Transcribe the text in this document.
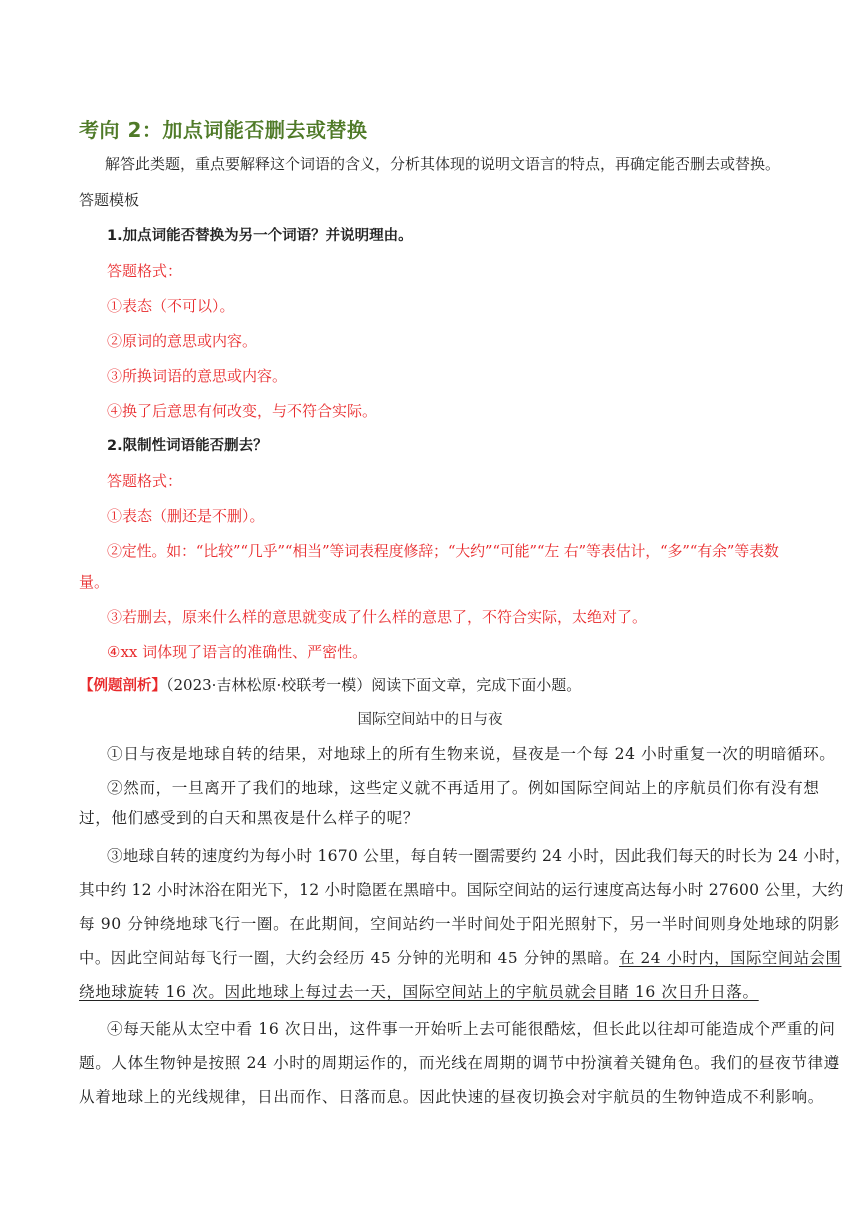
考向 2：加点词能否删去或替换
解答此类题，重点要解释这个词语的含义，分析其体现的说明文语言的特点，再确定能否删去或替换。
答题模板
1.加点词能否替换为另一个词语？并说明理由。
答题格式：
①表态（不可以）。
②原词的意思或内容。
③所换词语的意思或内容。
④换了后意思有何改变，与不符合实际。
2.限制性词语能否删去？
答题格式：
①表态（删还是不删）。
②定性。如：“比较”“几乎”“相当”等词表程度修辞；“大约”“可能”“左 右”等表估计，“多”“有余”等表数
量。
③若删去，原来什么样的意思就变成了什么样的意思了，不符合实际，太绝对了。
④xx 词体现了语言的准确性、严密性。
【例题剖析】（2023·吉林松原·校联考一模）阅读下面文章，完成下面小题。
国际空间站中的日与夜
①日与夜是地球自转的结果，对地球上的所有生物来说，昼夜是一个每 24 小时重复一次的明暗循环。
②然而，一旦离开了我们的地球，这些定义就不再适用了。例如国际空间站上的序航员们你有没有想
过，他们感受到的白天和黑夜是什么样子的呢？
③地球自转的速度约为每小时 1670 公里，每自转一圈需要约 24 小时，因此我们每天的时长为 24 小时，
其中约 12 小时沐浴在阳光下，12 小时隐匿在黑暗中。国际空间站的运行速度高达每小时 27600 公里，大约
每 90 分钟绕地球飞行一圈。在此期间，空间站约一半时间处于阳光照射下，另一半时间则身处地球的阴影
中。因此空间站每飞行一圈，大约会经历 45 分钟的光明和 45 分钟的黑暗。在 24 小时内，国际空间站会围
绕地球旋转 16 次。因此地球上每过去一天，国际空间站上的宇航员就会目睹 16 次日升日落。
④每天能从太空中看 16 次日出，这件事一开始听上去可能很酷炫，但长此以往却可能造成个严重的问
题。人体生物钟是按照 24 小时的周期运作的，而光线在周期的调节中扮演着关键角色。我们的昼夜节律遵
从着地球上的光线规律，日出而作、日落而息。因此快速的昼夜切换会对宇航员的生物钟造成不利影响。
